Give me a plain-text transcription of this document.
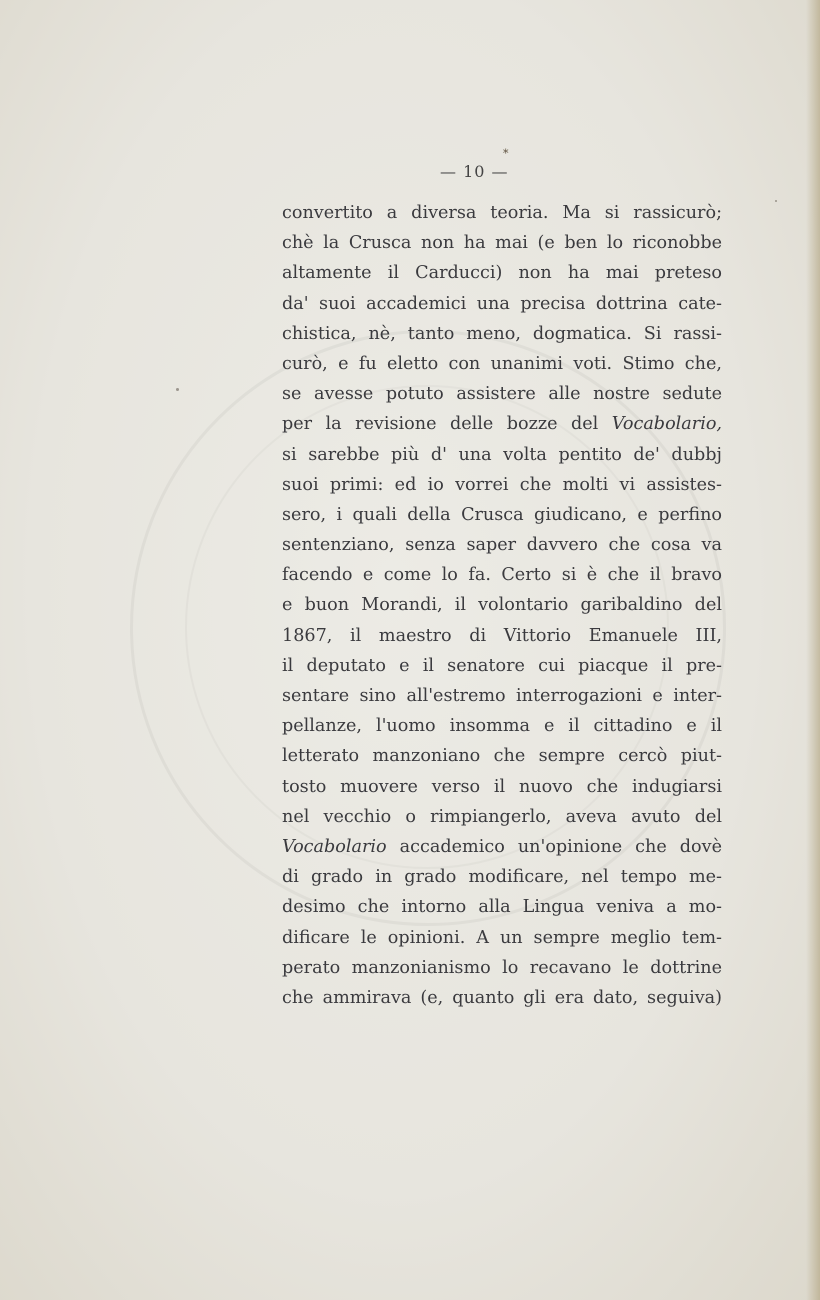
*
— 10 —
convertito a diversa teoria. Ma si rassicurò;
chè la Crusca non ha mai (e ben lo riconobbe
altamente il Carducci) non ha mai preteso
da' suoi accademici una precisa dottrina cate-
chistica, nè, tanto meno, dogmatica. Si rassi-
curò, e fu eletto con unanimi voti. Stimo che,
se avesse potuto assistere alle nostre sedute
per la revisione delle bozze del Vocabolario,
si sarebbe più d' una volta pentito de' dubbj
suoi primi: ed io vorrei che molti vi assistes-
sero, i quali della Crusca giudicano, e perfino
sentenziano, senza saper davvero che cosa va
facendo e come lo fa. Certo si è che il bravo
e buon Morandi, il volontario garibaldino del
1867, il maestro di Vittorio Emanuele III,
il deputato e il senatore cui piacque il pre-
sentare sino all'estremo interrogazioni e inter-
pellanze, l'uomo insomma e il cittadino e il
letterato manzoniano che sempre cercò piut-
tosto muovere verso il nuovo che indugiarsi
nel vecchio o rimpiangerlo, aveva avuto del
Vocabolario accademico un'opinione che dovè
di grado in grado modificare, nel tempo me-
desimo che intorno alla Lingua veniva a mo-
dificare le opinioni. A un sempre meglio tem-
perato manzonianismo lo recavano le dottrine
che ammirava (e, quanto gli era dato, seguiva)
